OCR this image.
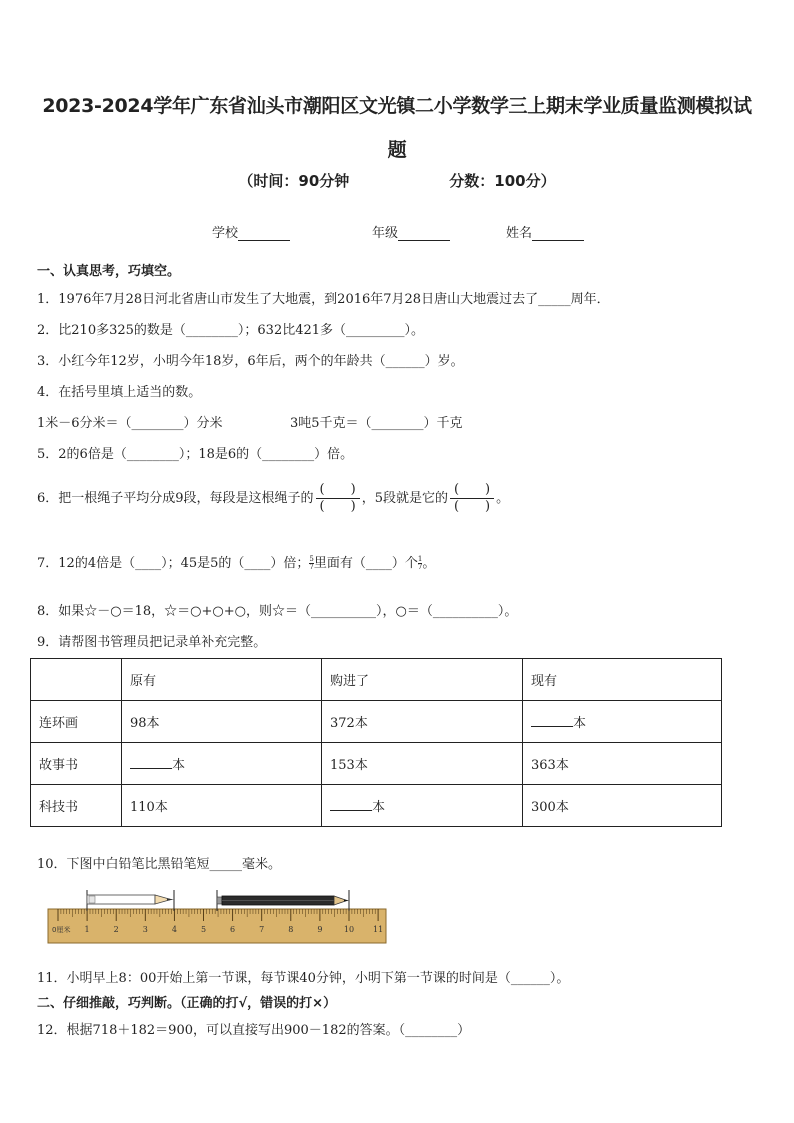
2023-2024学年广东省汕头市潮阳区文光镇二小学数学三上期末学业质量监测模拟试题
（时间：90分钟	分数：100分）
学校	年级	姓名
一、认真思考，巧填空。
1．1976年7月28日河北省唐山市发生了大地震，到2016年7月28日唐山大地震过去了_____周年．
2．比210多325的数是（________）；632比421多（_________）。
3．小红今年12岁，小明今年18岁，6年后，两个的年龄共（______）岁。
4．在括号里填上适当的数。
1米－6分米＝（________）分米	3吨5千克＝（________）千克
5．2的6倍是（________）；18是6的（________）倍。
6．把一根绳子平均分成9段，每段是这根绳子的 $\frac{( )}{( )}$ ，5段就是它的 $\frac{( )}{( )}$ 。
7．12的4倍是（____）；45是5的（____）倍； $\frac{5}{7}$ 里面有（____）个 $\frac{1}{7}$ 。
8．如果☆－○＝18，☆＝○+○+○，则☆＝（__________），○＝（__________）。
9．请帮图书管理员把记录单补充完整。
	原有	购进了	现有
连环画	98本	372本	本
故事书	本	153本	363本
科技书	110本	本	300本
10．下图中白铅笔比黑铅笔短_____毫米。
0厘米 1	2	3	4	5	6	7	8	9	10 11
11．小明早上8：00开始上第一节课，每节课40分钟，小明下第一节课的时间是（______）。
二、仔细推敲，巧判断。（正确的打√，错误的打×）
12．根据718＋182＝900，可以直接写出900－182的答案。（________）
